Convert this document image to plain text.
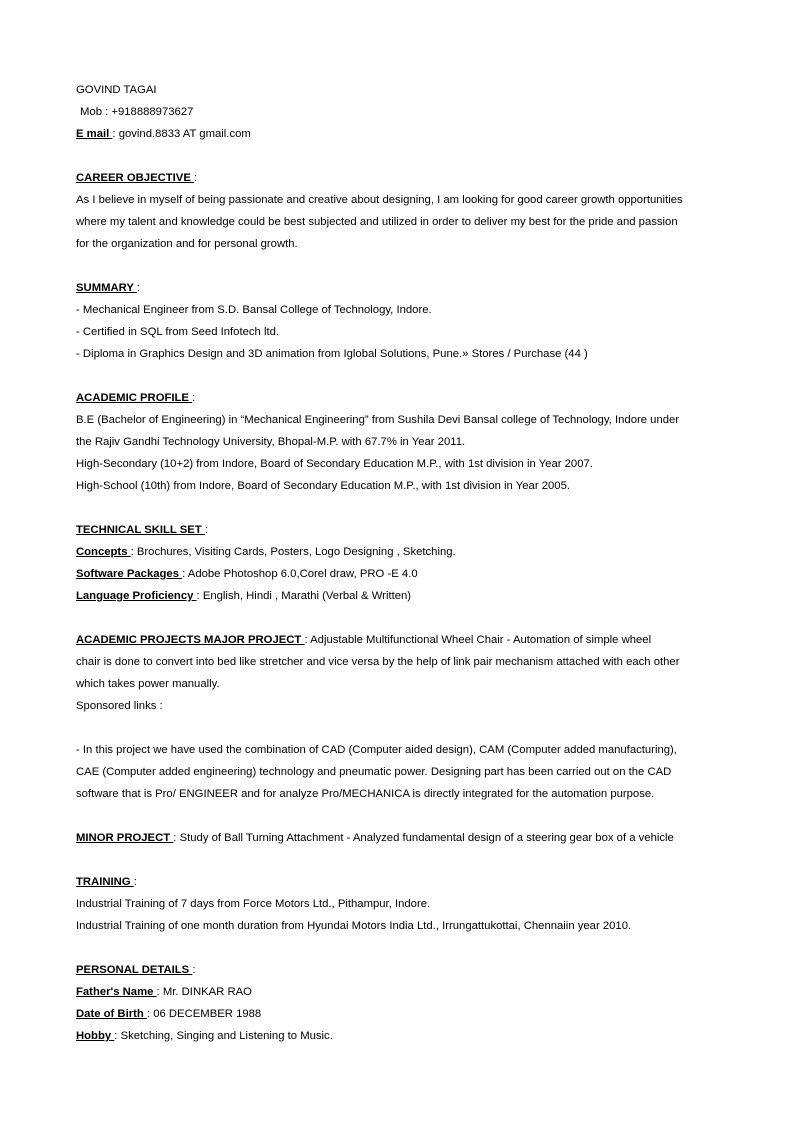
GOVIND TAGAI
Mob : +918888973627
E mail : govind.8833 AT gmail.com
CAREER OBJECTIVE :
As I believe in myself of being passionate and creative about designing, I am looking for good career growth opportunities
where my talent and knowledge could be best subjected and utilized in order to deliver my best for the pride and passion
for the organization and for personal growth.
SUMMARY :
- Mechanical Engineer from S.D. Bansal College of Technology, Indore.
- Certified in SQL from Seed Infotech ltd.
- Diploma in Graphics Design and 3D animation from Iglobal Solutions, Pune.» Stores / Purchase (44 )
ACADEMIC PROFILE :
B.E (Bachelor of Engineering) in “Mechanical Engineering” from Sushila Devi Bansal college of Technology, Indore under
the Rajiv Gandhi Technology University, Bhopal-M.P. with 67.7% in Year 2011.
High-Secondary (10+2) from Indore, Board of Secondary Education M.P., with 1st division in Year 2007.
High-School (10th) from Indore, Board of Secondary Education M.P., with 1st division in Year 2005.
TECHNICAL SKILL SET :
Concepts : Brochures, Visiting Cards, Posters, Logo Designing , Sketching.
Software Packages : Adobe Photoshop 6.0,Corel draw, PRO -E 4.0
Language Proficiency : English, Hindi , Marathi (Verbal & Written)
ACADEMIC PROJECTS MAJOR PROJECT : Adjustable Multifunctional Wheel Chair - Automation of simple wheel
chair is done to convert into bed like stretcher and vice versa by the help of link pair mechanism attached with each other
which takes power manually.
Sponsored links :
- In this project we have used the combination of CAD (Computer aided design), CAM (Computer added manufacturing),
CAE (Computer added engineering) technology and pneumatic power. Designing part has been carried out on the CAD
software that is Pro/ ENGINEER and for analyze Pro/MECHANICA is directly integrated for the automation purpose.
MINOR PROJECT : Study of Ball Turning Attachment - Analyzed fundamental design of a steering gear box of a vehicle
TRAINING :
Industrial Training of 7 days from Force Motors Ltd., Pithampur, Indore.
Industrial Training of one month duration from Hyundai Motors India Ltd., Irrungattukottai, Chennaiin year 2010.
PERSONAL DETAILS :
Father's Name : Mr. DINKAR RAO
Date of Birth : 06 DECEMBER 1988
Hobby : Sketching, Singing and Listening to Music.
